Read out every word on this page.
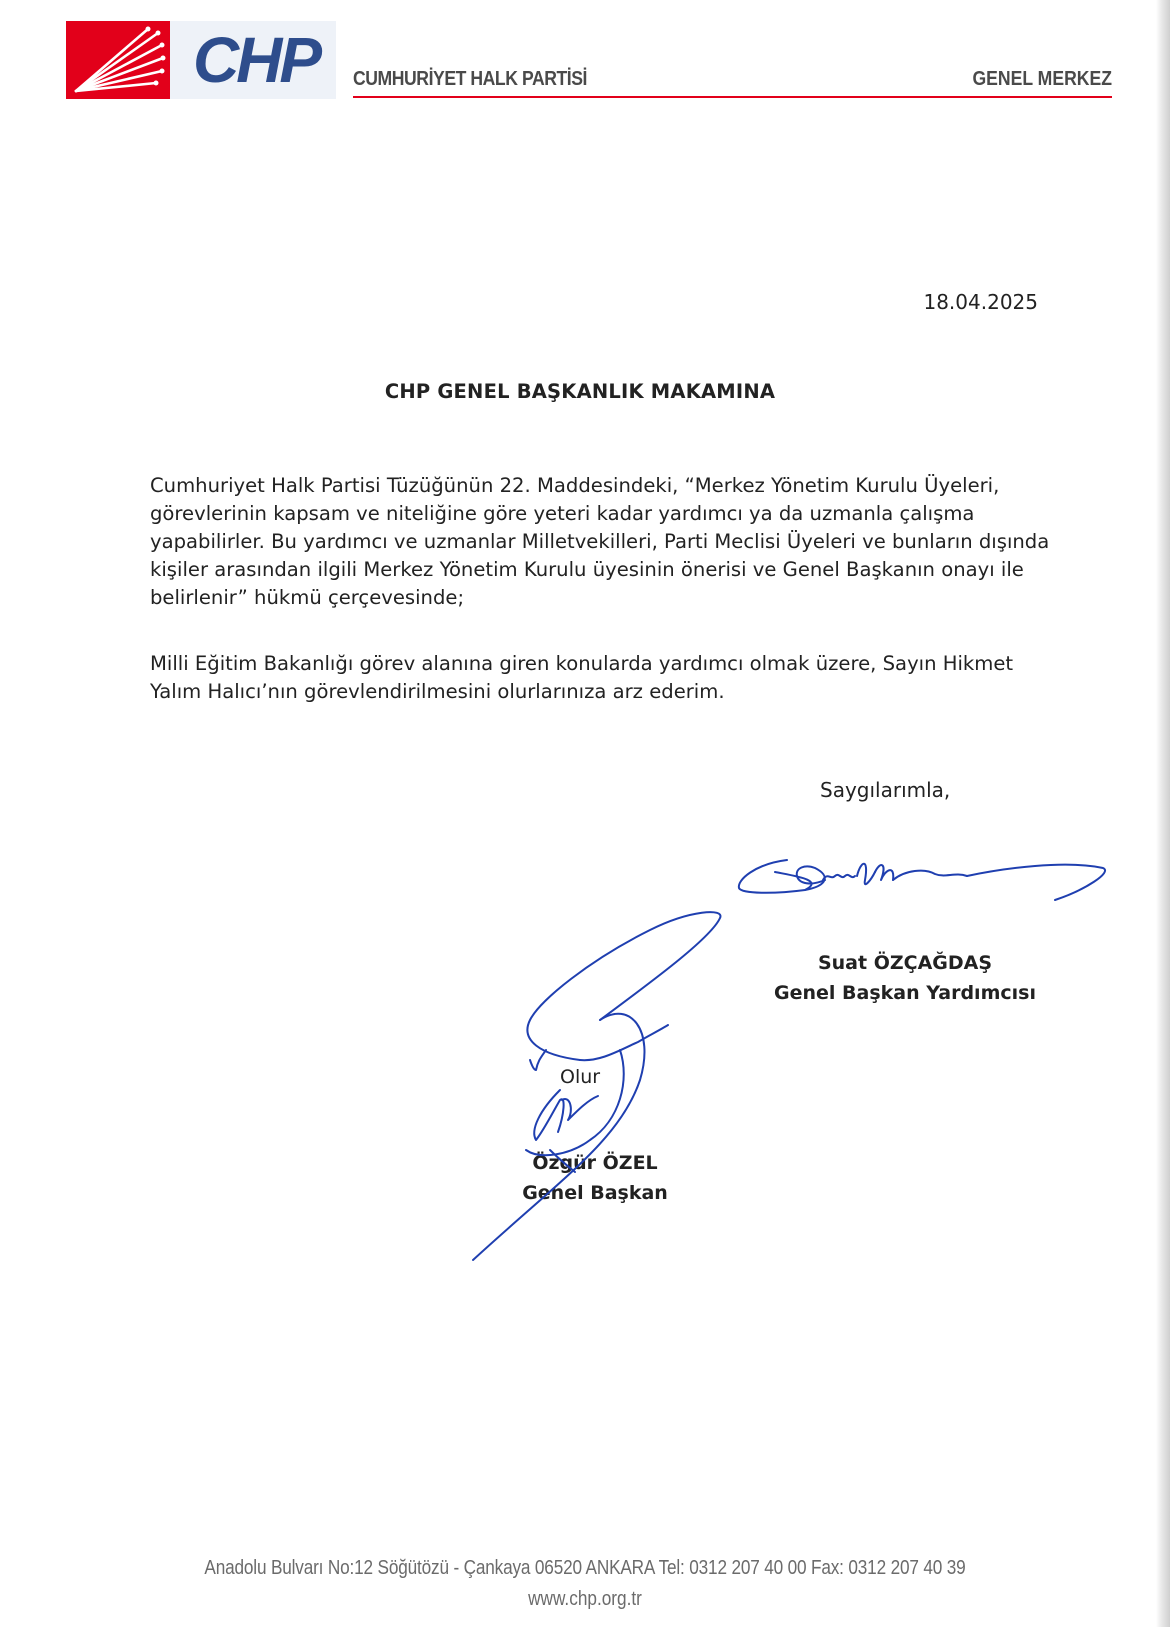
CHP	CUMHURİYET HALK PARTİSİ	GENEL MERKEZ
18.04.2025
CHP GENEL BAŞKANLIK MAKAMINA
Cumhuriyet Halk Partisi Tüzüğünün 22. Maddesindeki, “Merkez Yönetim Kurulu Üyeleri,
görevlerinin kapsam ve niteliğine göre yeteri kadar yardımcı ya da uzmanla çalışma
yapabilirler. Bu yardımcı ve uzmanlar Milletvekilleri, Parti Meclisi Üyeleri ve bunların dışında
kişiler arasından ilgili Merkez Yönetim Kurulu üyesinin önerisi ve Genel Başkanın onayı ile
belirlenir” hükmü çerçevesinde;
Milli Eğitim Bakanlığı görev alanına giren konularda yardımcı olmak üzere, Sayın Hikmet
Yalım Halıcı’nın görevlendirilmesini olurlarınıza arz ederim.
Saygılarımla,
Suat ÖZÇAĞDAŞ
Genel Başkan Yardımcısı
Olur
Özgür ÖZEL
Genel Başkan
Anadolu Bulvarı No:12 Söğütözü - Çankaya 06520 ANKARA Tel: 0312 207 40 00 Fax: 0312 207 40 39
www.chp.org.tr
